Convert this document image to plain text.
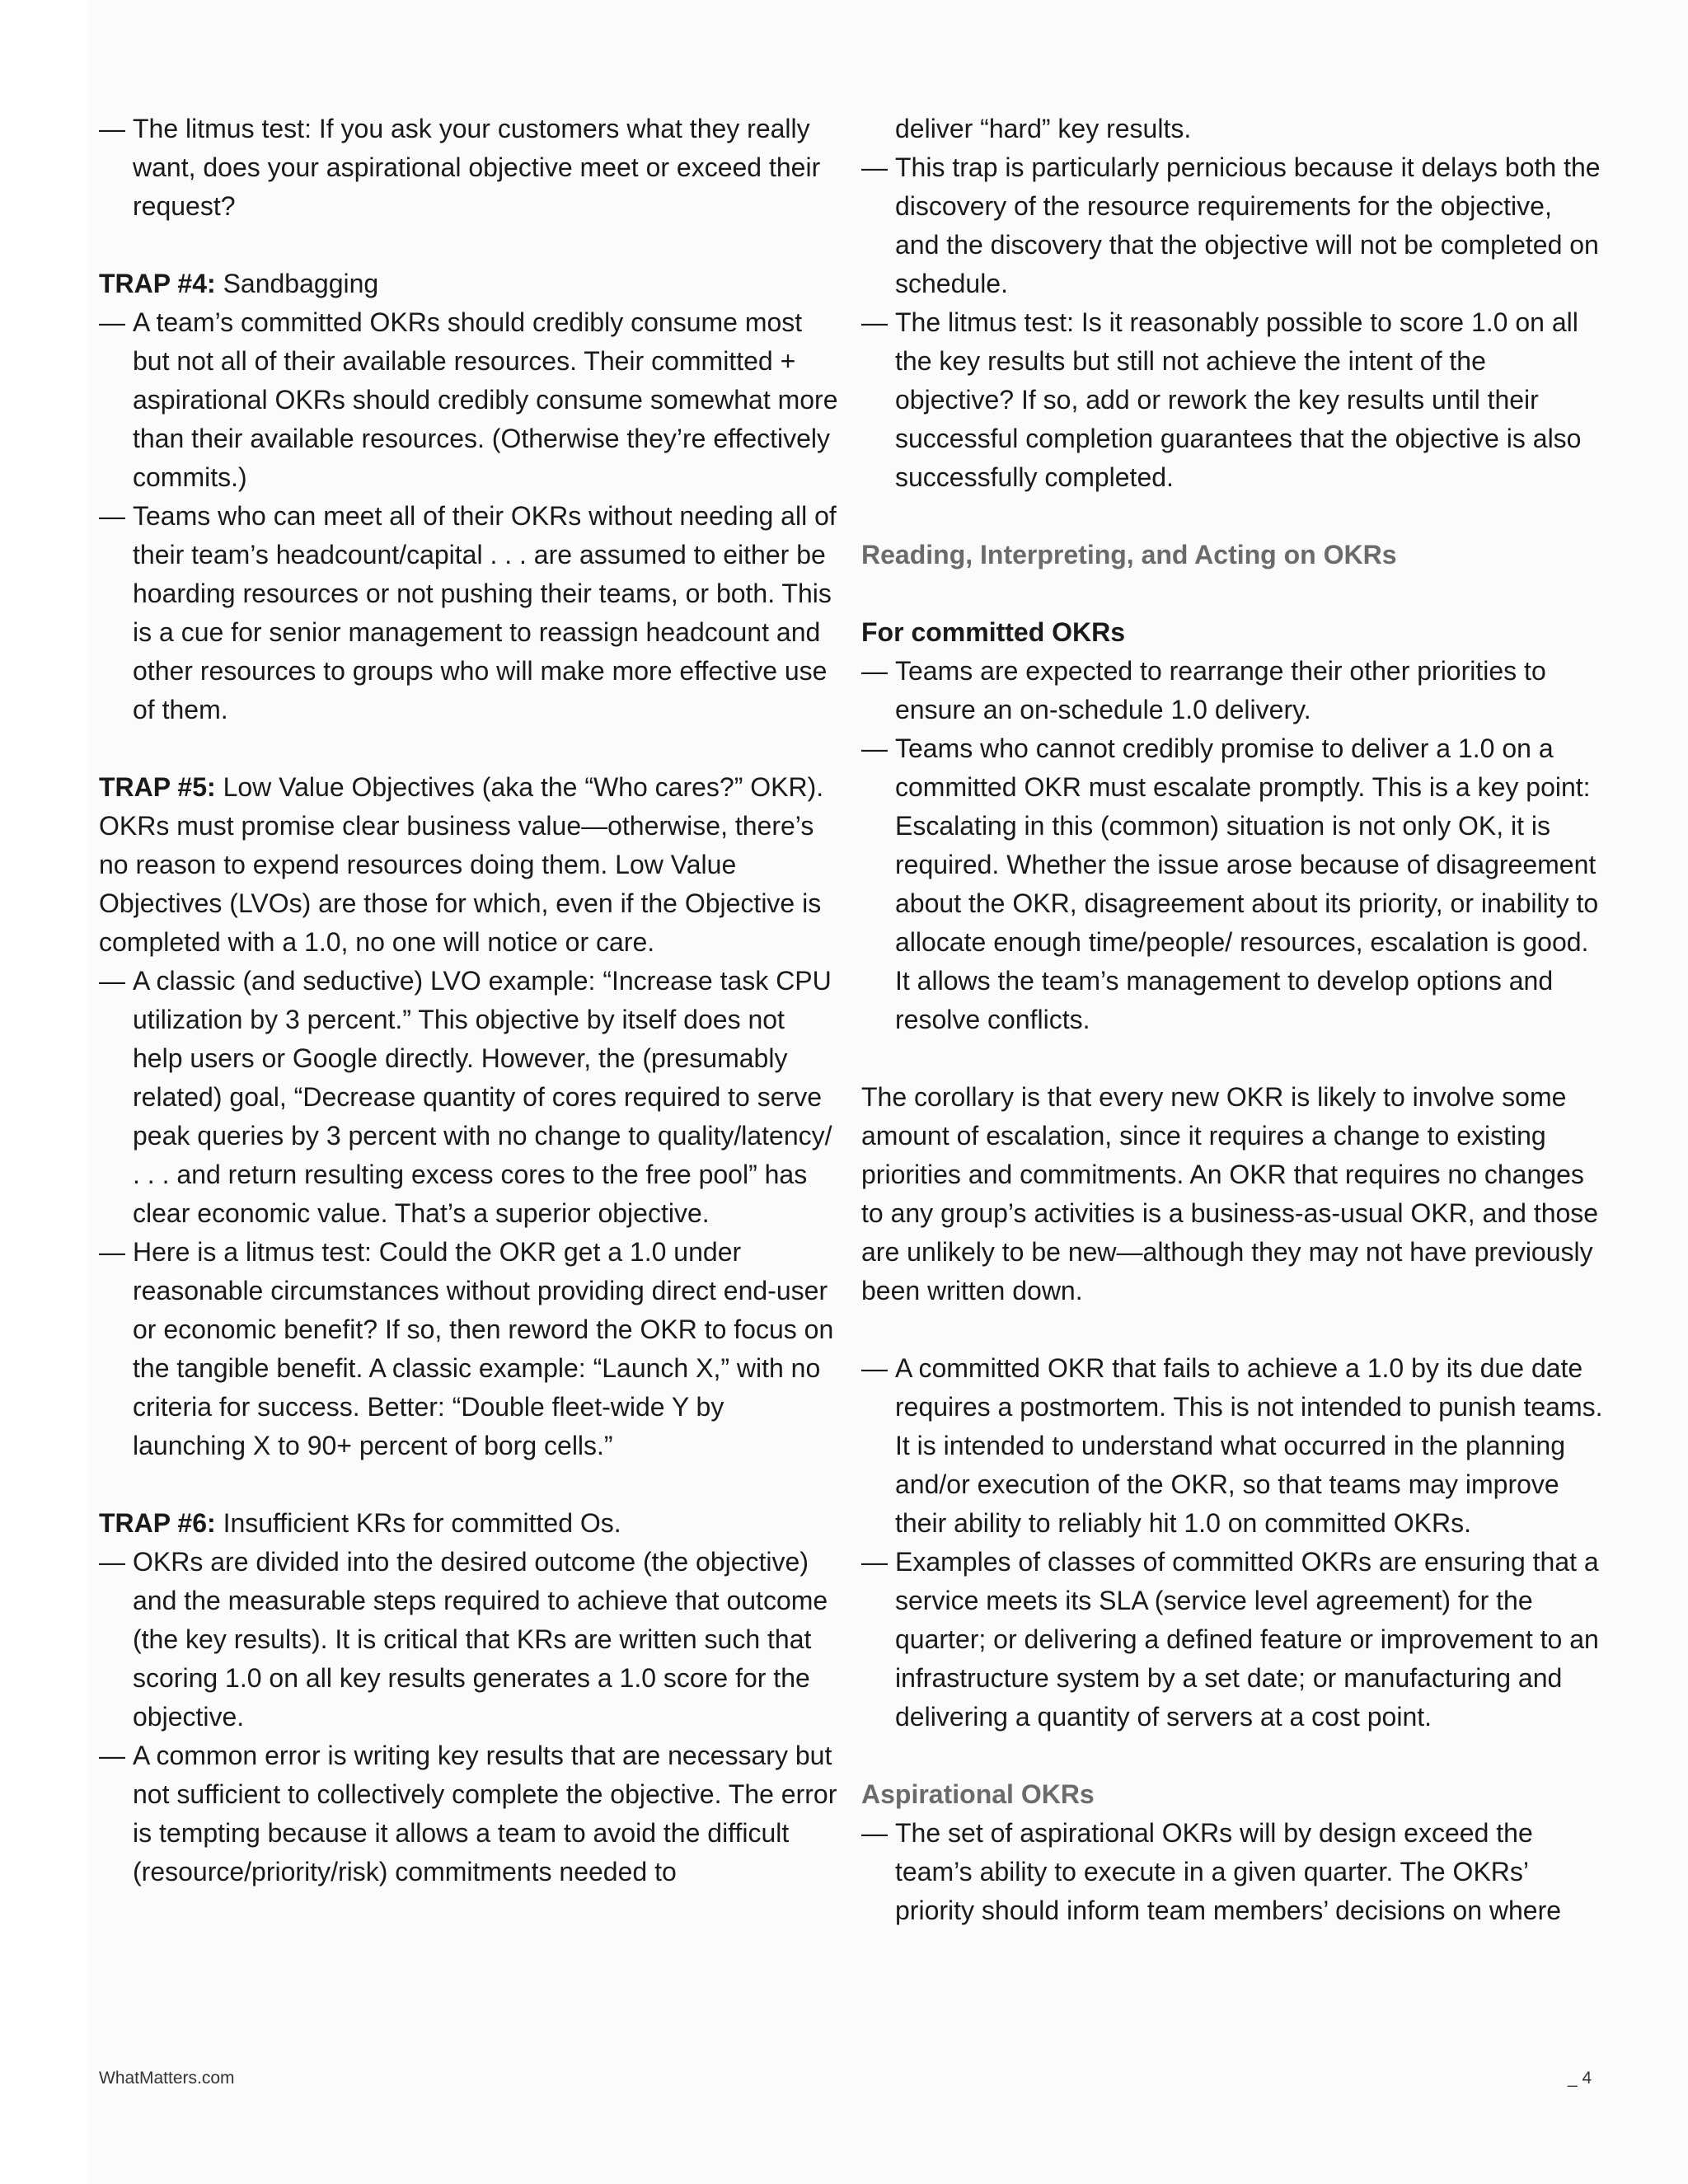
— The litmus test: If you ask your customers what they really want, does your aspirational objective meet or exceed their request?

TRAP #4: Sandbagging

— A team’s committed OKRs should credibly consume most but not all of their available resources. Their committed + aspirational OKRs should credibly consume somewhat more than their available resources. (Otherwise they’re effectively commits.)

— Teams who can meet all of their OKRs without needing all of their team’s headcount/capital . . . are assumed to either be hoarding resources or not pushing their teams, or both. This is a cue for senior management to reassign headcount and other resources to groups who will make more effective use of them.

TRAP #5: Low Value Objectives (aka the “Who cares?” OKR). OKRs must promise clear business value—otherwise, there’s no reason to expend resources doing them. Low Value Objectives (LVOs) are those for which, even if the Objective is completed with a 1.0, no one will notice or care.

— A classic (and seductive) LVO example: “Increase task CPU utilization by 3 percent.” This objective by itself does not help users or Google directly. However, the (presumably related) goal, “Decrease quantity of cores required to serve peak queries by 3 percent with no change to quality/latency/ . . . and return resulting excess cores to the free pool” has clear economic value. That’s a superior objective.

— Here is a litmus test: Could the OKR get a 1.0 under reasonable circumstances without providing direct end-user or economic benefit? If so, then reword the OKR to focus on the tangible benefit. A classic example: “Launch X,” with no criteria for success. Better: “Double fleet-wide Y by launching X to 90+ percent of borg cells.”

TRAP #6: Insufficient KRs for committed Os.

— OKRs are divided into the desired outcome (the objective) and the measurable steps required to achieve that outcome (the key results). It is critical that KRs are written such that scoring 1.0 on all key results generates a 1.0 score for the objective.

— A common error is writing key results that are necessary but not sufficient to collectively complete the objective. The error is tempting because it allows a team to avoid the difficult (resource/priority/risk) commitments needed to

deliver “hard” key results.

— This trap is particularly pernicious because it delays both the discovery of the resource requirements for the objective, and the discovery that the objective will not be completed on schedule.

— The litmus test: Is it reasonably possible to score 1.0 on all the key results but still not achieve the intent of the objective? If so, add or rework the key results until their successful completion guarantees that the objective is also successfully completed.

Reading, Interpreting, and Acting on OKRs

For committed OKRs

— Teams are expected to rearrange their other priorities to ensure an on-schedule 1.0 delivery.

— Teams who cannot credibly promise to deliver a 1.0 on a committed OKR must escalate promptly. This is a key point: Escalating in this (common) situation is not only OK, it is required. Whether the issue arose because of disagreement about the OKR, disagreement about its priority, or inability to allocate enough time/people/ resources, escalation is good. It allows the team’s management to develop options and resolve conflicts.

The corollary is that every new OKR is likely to involve some amount of escalation, since it requires a change to existing priorities and commitments. An OKR that requires no changes to any group’s activities is a business-as-usual OKR, and those are unlikely to be new—although they may not have previously been written down.

— A committed OKR that fails to achieve a 1.0 by its due date requires a postmortem. This is not intended to punish teams. It is intended to understand what occurred in the planning and/or execution of the OKR, so that teams may improve their ability to reliably hit 1.0 on committed OKRs.

— Examples of classes of committed OKRs are ensuring that a service meets its SLA (service level agreement) for the quarter; or delivering a defined feature or improvement to an infrastructure system by a set date; or manufacturing and delivering a quantity of servers at a cost point.

Aspirational OKRs

— The set of aspirational OKRs will by design exceed the team’s ability to execute in a given quarter. The OKRs’ priority should inform team members’ decisions on where

WhatMatters.com	_ 4
